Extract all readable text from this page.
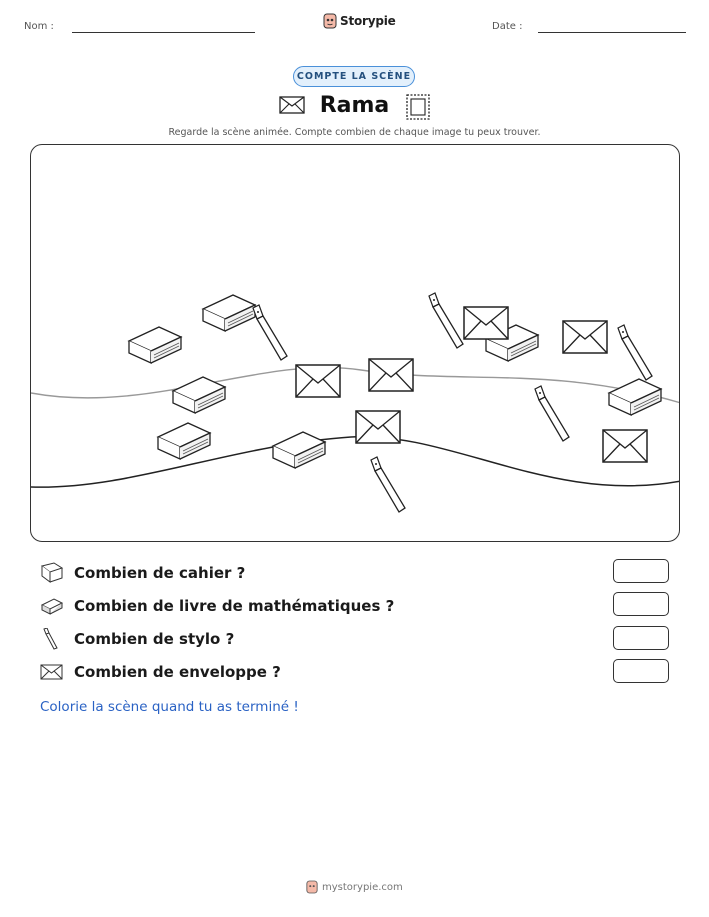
Nom :	Storypie	Date :
COMPTE LA SCÈNE
Rama
Regarde la scène animée. Compte combien de chaque image tu peux trouver.
Combien de cahier ?
Combien de livre de mathématiques ?
Combien de stylo ?
Combien de enveloppe ?
Colorie la scène quand tu as terminé !
mystorypie.com
